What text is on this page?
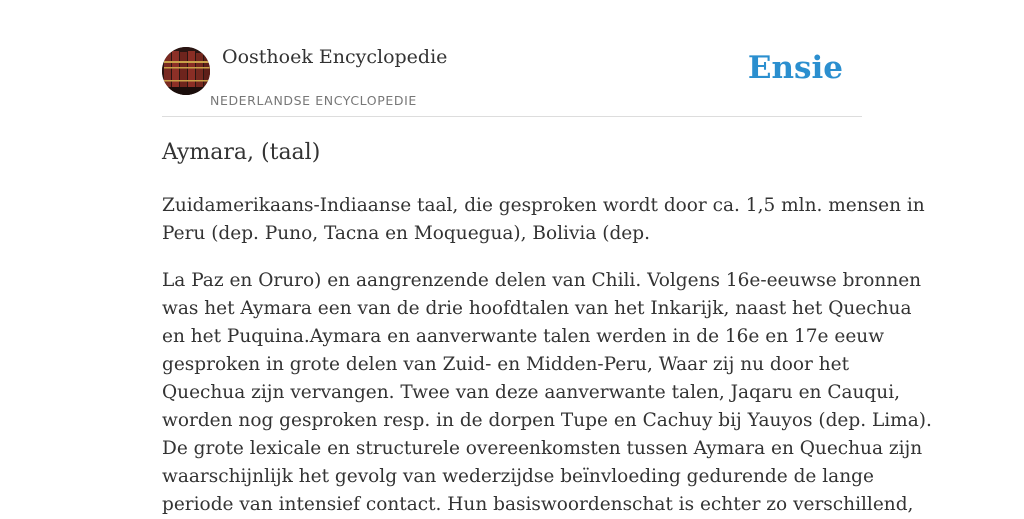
Oosthoek Encyclopedie
NEDERLANDSE ENCYCLOPEDIE
Ensie
Aymara, (taal)

Zuidamerikaans-Indiaanse taal, die gesproken wordt door ca. 1,5 mln. mensen in
Peru (dep. Puno, Tacna en Moquegua), Bolivia (dep.

La Paz en Oruro) en aangrenzende delen van Chili. Volgens 16e-eeuwse bronnen
was het Aymara een van de drie hoofdtalen van het Inkarijk, naast het Quechua
en het Puquina.Aymara en aanverwante talen werden in de 16e en 17e eeuw
gesproken in grote delen van Zuid- en Midden-Peru, Waar zij nu door het
Quechua zijn vervangen. Twee van deze aanverwante talen, Jaqaru en Cauqui,
worden nog gesproken resp. in de dorpen Tupe en Cachuy bij Yauyos (dep. Lima).
De grote lexicale en structurele overeenkomsten tussen Aymara en Quechua zijn
waarschijnlijk het gevolg van wederzijdse beïnvloeding gedurende de lange
periode van intensief contact. Hun basiswoordenschat is echter zo verschillend,
